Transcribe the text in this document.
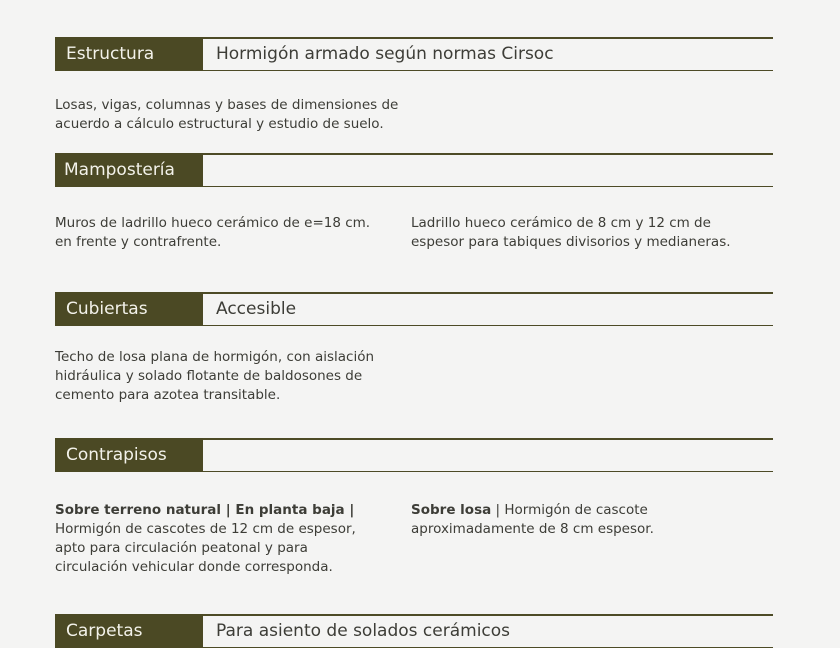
Estructura	Hormigón armado según normas Cirsoc
Losas, vigas, columnas y bases de dimensiones de
acuerdo a cálculo estructural y estudio de suelo.
Mampostería
Muros de ladrillo hueco cerámico de e=18 cm.
en frente y contrafrente.
Ladrillo hueco cerámico de 8 cm y 12 cm de
espesor para tabiques divisorios y medianeras.
Cubiertas	Accesible
Techo de losa plana de hormigón, con aislación
hidráulica y solado flotante de baldosones de
cemento para azotea transitable.
Contrapisos
Sobre terreno natural | En planta baja |
Hormigón de cascotes de 12 cm de espesor,
apto para circulación peatonal y para
circulación vehicular donde corresponda.
Sobre losa | Hormigón de cascote
aproximadamente de 8 cm espesor.
Carpetas	Para asiento de solados cerámicos
